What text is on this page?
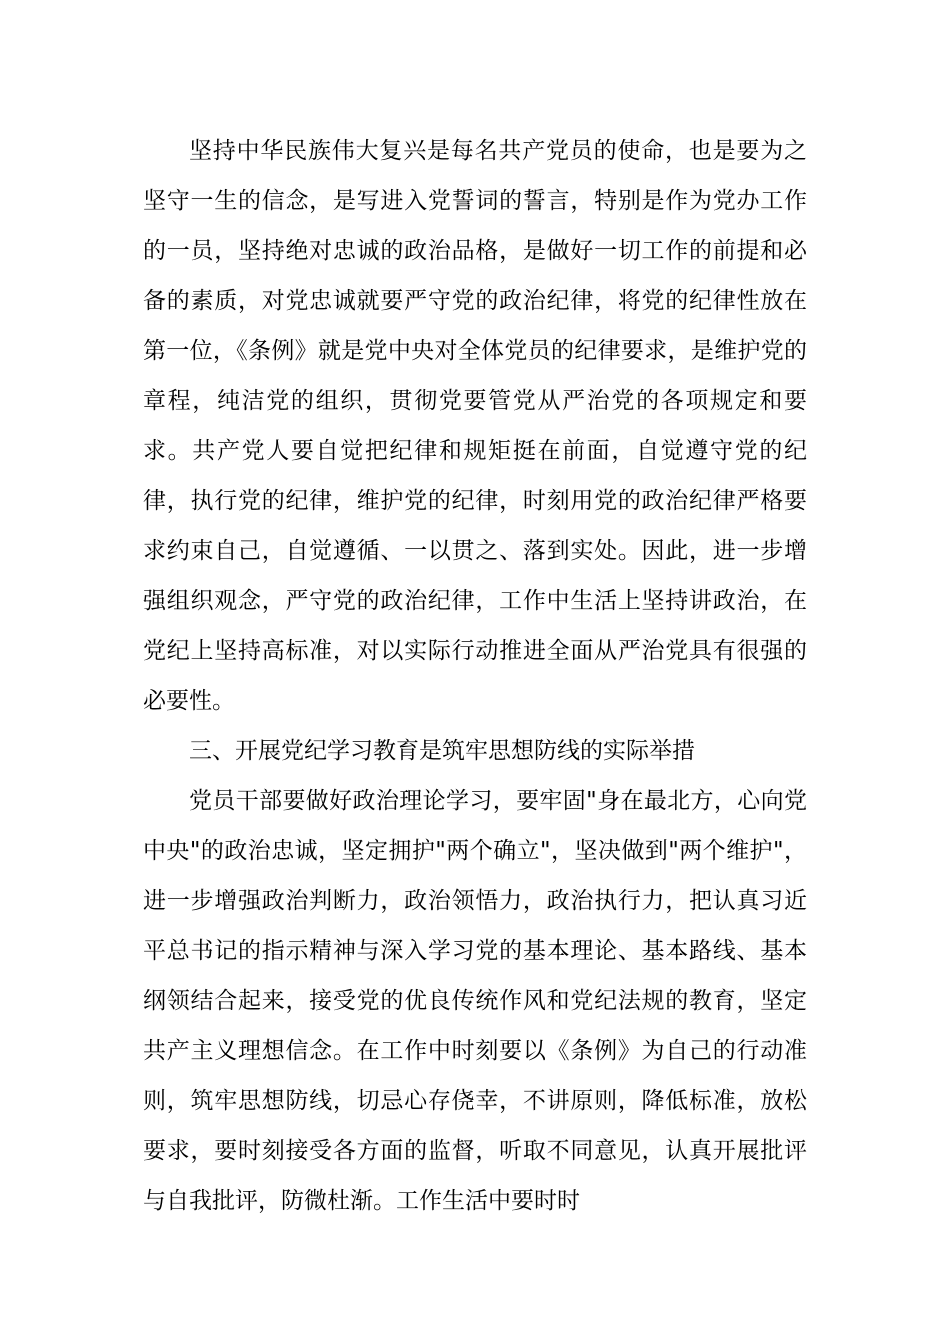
坚持中华民族伟大复兴是每名共产党员的使命，也是要为之坚守一生的信念，是写进入党誓词的誓言，特别是作为党办工作的一员，坚持绝对忠诚的政治品格，是做好一切工作的前提和必备的素质，对党忠诚就要严守党的政治纪律，将党的纪律性放在第一位，《条例》就是党中央对全体党员的纪律要求，是维护党的章程，纯洁党的组织，贯彻党要管党从严治党的各项规定和要求。共产党人要自觉把纪律和规矩挺在前面，自觉遵守党的纪律，执行党的纪律，维护党的纪律，时刻用党的政治纪律严格要求约束自己，自觉遵循、一以贯之、落到实处。因此，进一步增强组织观念，严守党的政治纪律，工作中生活上坚持讲政治，在党纪上坚持高标准，对以实际行动推进全面从严治党具有很强的必要性。

三、开展党纪学习教育是筑牢思想防线的实际举措

党员干部要做好政治理论学习，要牢固"身在最北方，心向党中央"的政治忠诚，坚定拥护"两个确立"，坚决做到"两个维护"，进一步增强政治判断力，政治领悟力，政治执行力，把认真习近平总书记的指示精神与深入学习党的基本理论、基本路线、基本纲领结合起来，接受党的优良传统作风和党纪法规的教育，坚定共产主义理想信念。在工作中时刻要以《条例》为自己的行动准则，筑牢思想防线，切忌心存侥幸，不讲原则，降低标准，放松要求，要时刻接受各方面的监督，听取不同意见，认真开展批评与自我批评，防微杜渐。工作生活中要时时
